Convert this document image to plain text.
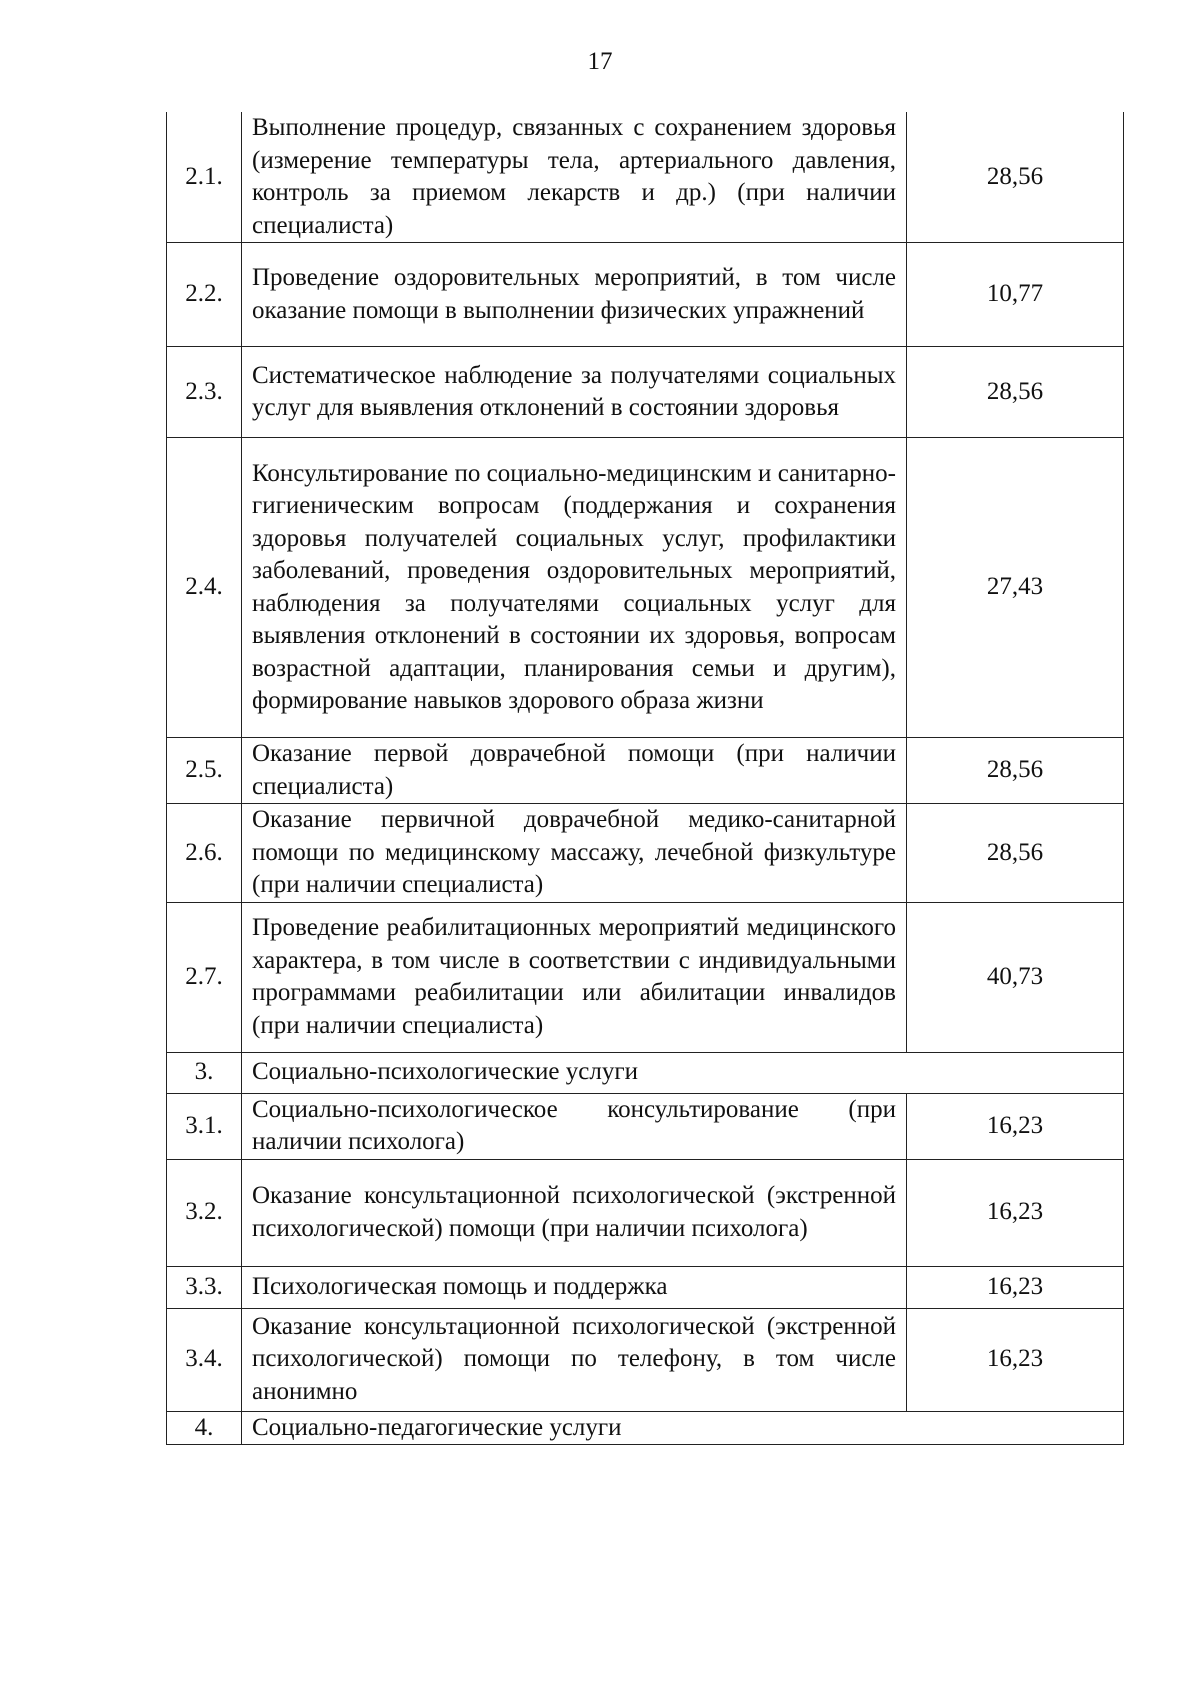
17
2.1.	Выполнение процедур, связанных с сохранением здоровья (измерение температуры тела, артериального давления, контроль за приемом лекарств и др.) (при наличии специалиста)	28,56
2.2.	Проведение оздоровительных мероприятий, в том числе оказание помощи в выполнении физических упражнений	10,77
2.3.	Систематическое наблюдение за получателями социальных услуг для выявления отклонений в состоянии здоровья	28,56
2.4.	Консультирование по социально-медицинским и санитарно-гигиеническим вопросам (поддержания и сохранения здоровья получателей социальных услуг, профилактики заболеваний, проведения оздоровительных мероприятий, наблюдения за получателями социальных услуг для выявления отклонений в состоянии их здоровья, вопросам возрастной адаптации, планирования семьи и другим), формирование навыков здорового образа жизни	27,43
2.5.	Оказание первой доврачебной помощи (при наличии специалиста)	28,56
2.6.	Оказание первичной доврачебной медико-санитарной помощи по медицинскому массажу, лечебной физкультуре (при наличии специалиста)	28,56
2.7.	Проведение реабилитационных мероприятий медицинского характера, в том числе в соответствии с индивидуальными программами реабилитации или абилитации инвалидов (при наличии специалиста)	40,73
3.	Социально-психологические услуги	
3.1.	Социально-психологическое консультирование (при наличии психолога)	16,23
3.2.	Оказание консультационной психологической (экстренной психологической) помощи (при наличии психолога)	16,23
3.3.	Психологическая помощь и поддержка	16,23
3.4.	Оказание консультационной психологической (экстренной психологической) помощи по телефону, в том числе анонимно	16,23
4.	Социально-педагогические услуги	
